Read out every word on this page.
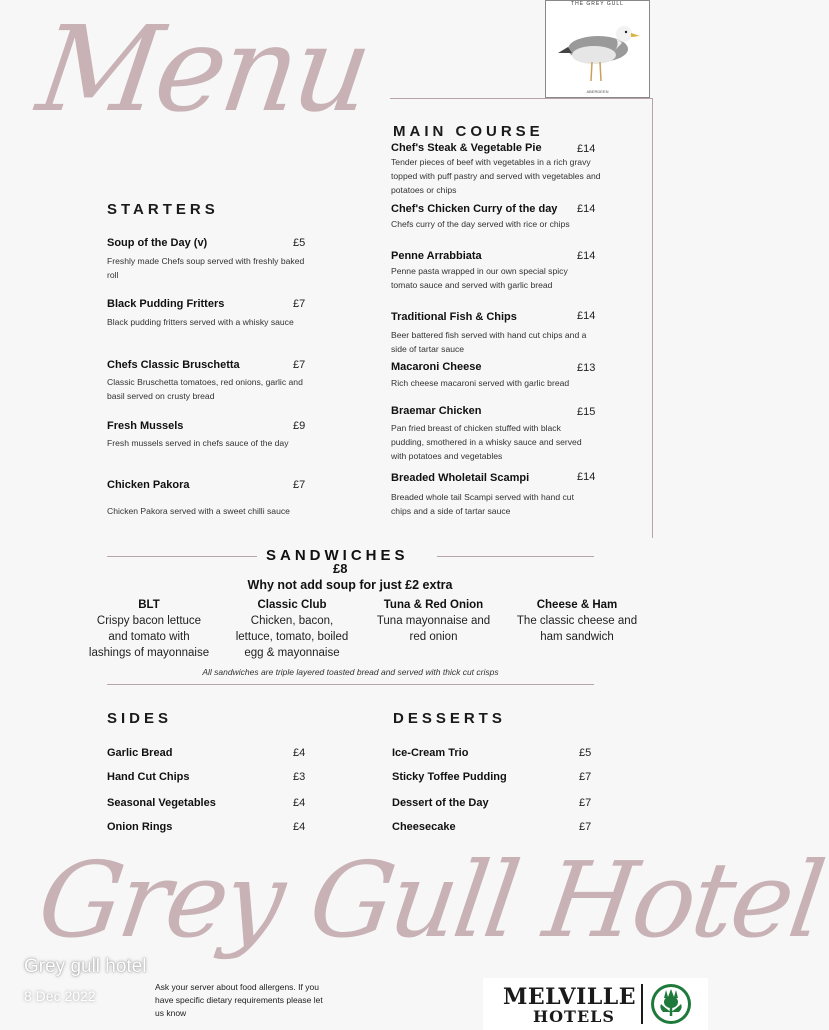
Menu
Grey Gull Hotel
THE GREY GULL
ABERDEEN
STARTERS
Soup of the Day (v)	£5
Freshly made Chefs soup served with freshly baked roll
Black Pudding Fritters	£7
Black pudding fritters served with a whisky sauce
Chefs Classic Bruschetta	£7
Classic Bruschetta tomatoes, red onions, garlic and basil served on crusty bread
Fresh Mussels	£9
Fresh mussels served in chefs sauce of the day
Chicken Pakora	£7
Chicken Pakora served with a sweet chilli sauce
MAIN COURSE
Chef's Steak & Vegetable Pie	£14
Tender pieces of beef with vegetables in a rich gravy topped with puff pastry and served with vegetables and potatoes or chips
Chef's Chicken Curry of the day £14
Chefs curry of the day served with rice or chips
Penne Arrabbiata	£14
Penne pasta wrapped in our own special spicy tomato sauce and served with garlic bread
Traditional Fish & Chips	£14
Beer battered fish served with hand cut chips and a side of tartar sauce
Macaroni Cheese	£13
Rich cheese macaroni served with garlic bread
Braemar Chicken	£15
Pan fried breast of chicken stuffed with black pudding, smothered in a whisky sauce and served with potatoes and vegetables
Breaded Wholetail Scampi	£14
Breaded whole tail Scampi served with hand cut chips and a side of tartar sauce
SANDWICHES
£8
Why not add soup for just £2 extra
BLT
Crispy bacon lettuce
and tomato with
lashings of mayonnaise
Classic Club
Chicken, bacon,
lettuce, tomato, boiled
egg & mayonnaise
Tuna & Red Onion
Tuna mayonnaise and
red onion
Cheese & Ham
The classic cheese and
ham sandwich
All sandwiches are triple layered toasted bread and served with thick cut crisps
SIDES
Garlic Bread	£4
Hand Cut Chips	£3
Seasonal Vegetables	£4
Onion Rings	£4
DESSERTS
Ice-Cream Trio	£5
Sticky Toffee Pudding	£7
Dessert of the Day	£7
Cheesecake	£7
Ask your server about food allergens. If you
have specific dietary requirements please let
us know
Grey gull hotel
8 Dec 2022	MELVILLE
HOTELS
